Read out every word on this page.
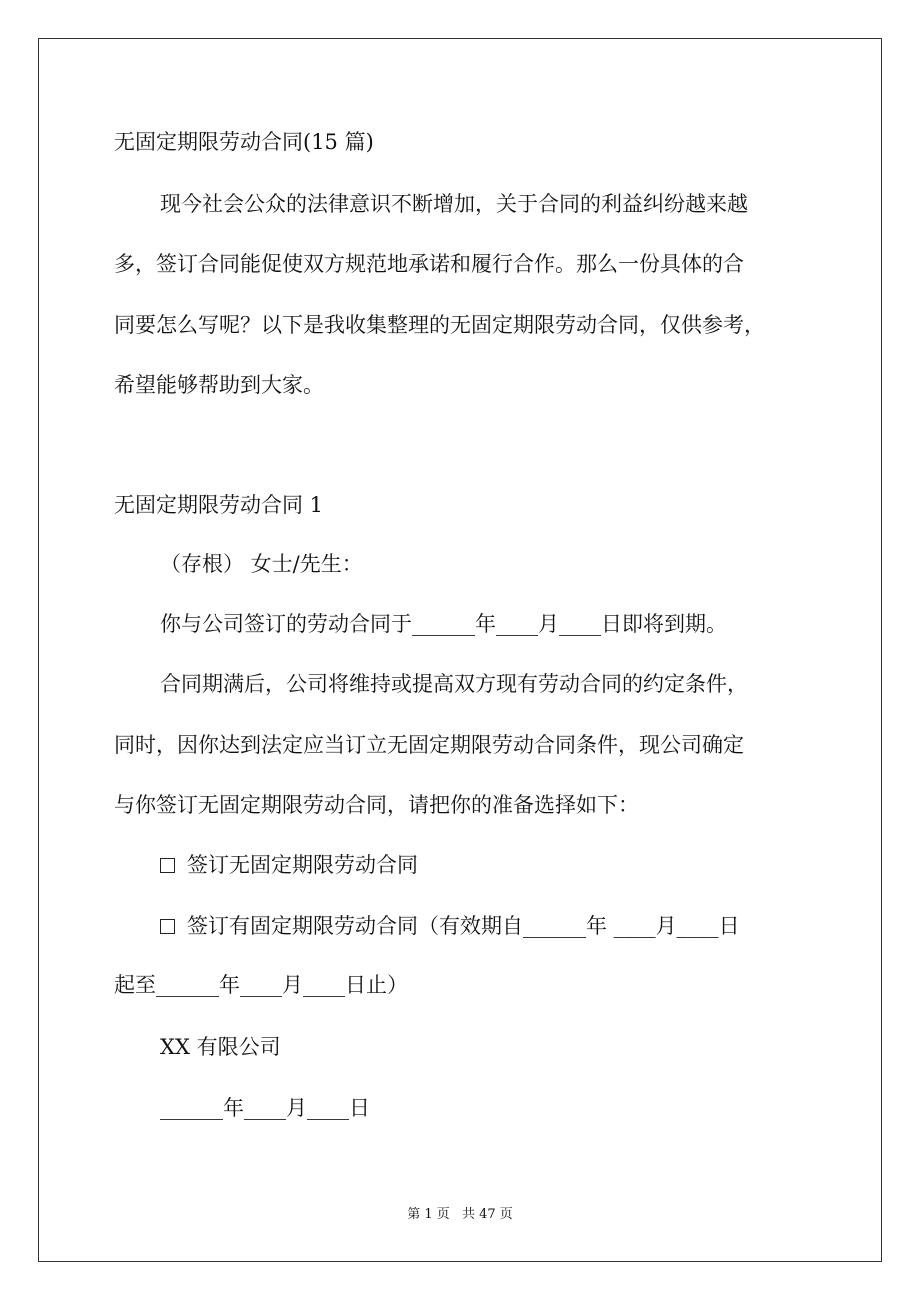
无固定期限劳动合同(15 篇)
现今社会公众的法律意识不断增加，关于合同的利益纠纷越来越
多，签订合同能促使双方规范地承诺和履行合作。那么一份具体的合
同要怎么写呢？以下是我收集整理的无固定期限劳动合同，仅供参考，
希望能够帮助到大家。
无固定期限劳动合同 1
（存根） 女士/先生：
你与公司签订的劳动合同于______年____月____日即将到期。
合同期满后，公司将维持或提高双方现有劳动合同的约定条件，
同时，因你达到法定应当订立无固定期限劳动合同条件，现公司确定
与你签订无固定期限劳动合同，请把你的准备选择如下：
签订无固定期限劳动合同
签订有固定期限劳动合同（有效期自______年 ____月____日
起至______年____月____日止）
XX 有限公司
______年____月____日
第 1 页 共 47 页
